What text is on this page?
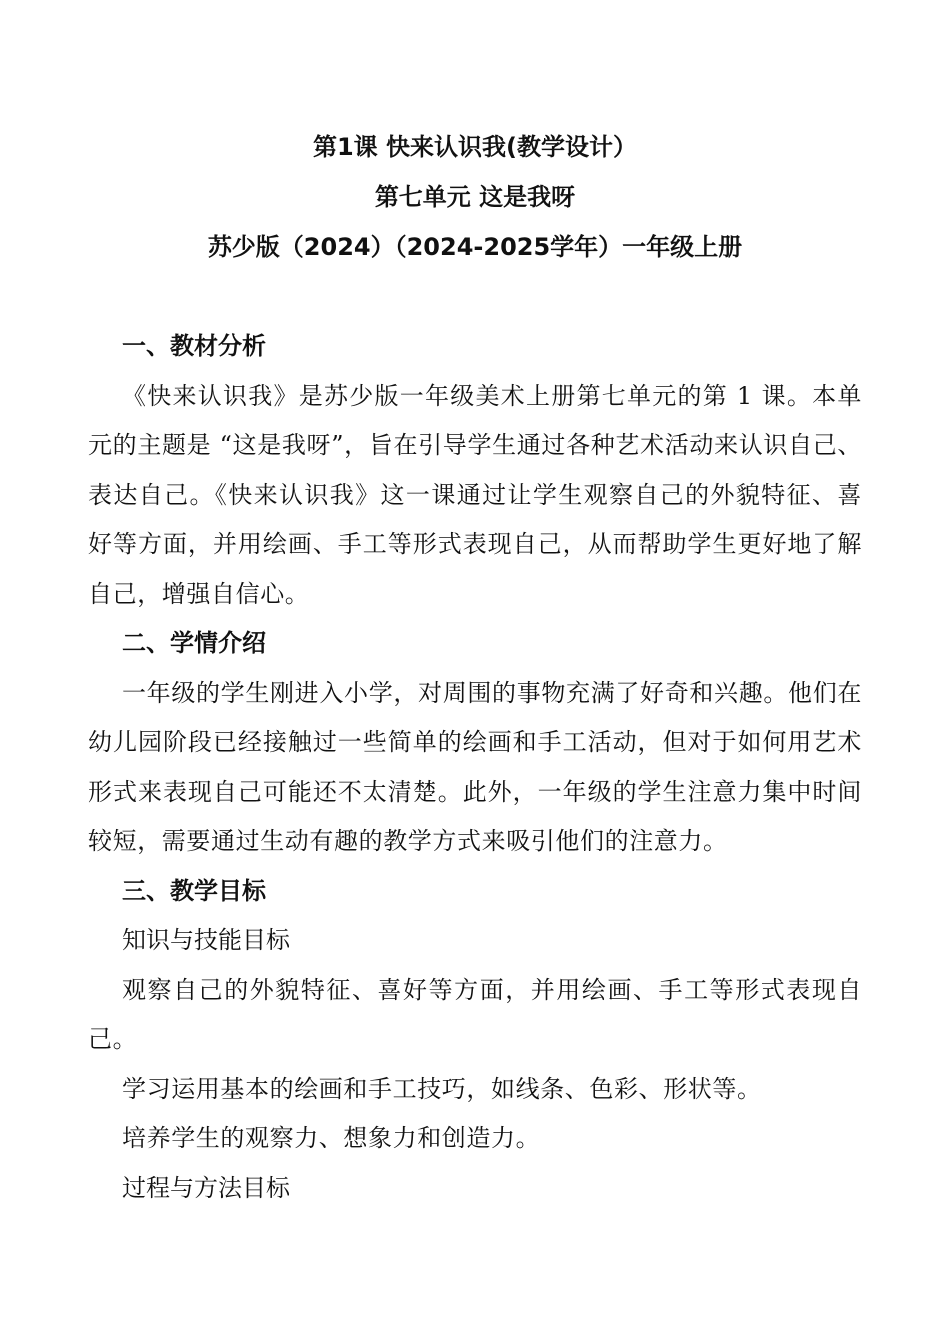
第1课 快来认识我(教学设计）
第七单元 这是我呀
苏少版（2024）（2024-2025学年）一年级上册
一、教材分析

《快来认识我》是苏少版一年级美术上册第七单元的第 1 课。本单元的主题是 “这是我呀”，旨在引导学生通过各种艺术活动来认识自己、表达自己。《快来认识我》这一课通过让学生观察自己的外貌特征、喜好等方面，并用绘画、手工等形式表现自己，从而帮助学生更好地了解自己，增强自信心。

二、学情介绍

一年级的学生刚进入小学，对周围的事物充满了好奇和兴趣。他们在幼儿园阶段已经接触过一些简单的绘画和手工活动，但对于如何用艺术形式来表现自己可能还不太清楚。此外，一年级的学生注意力集中时间较短，需要通过生动有趣的教学方式来吸引他们的注意力。

三、教学目标
知识与技能目标

观察自己的外貌特征、喜好等方面，并用绘画、手工等形式表现自己。

学习运用基本的绘画和手工技巧，如线条、色彩、形状等。

培养学生的观察力、想象力和创造力。

过程与方法目标
